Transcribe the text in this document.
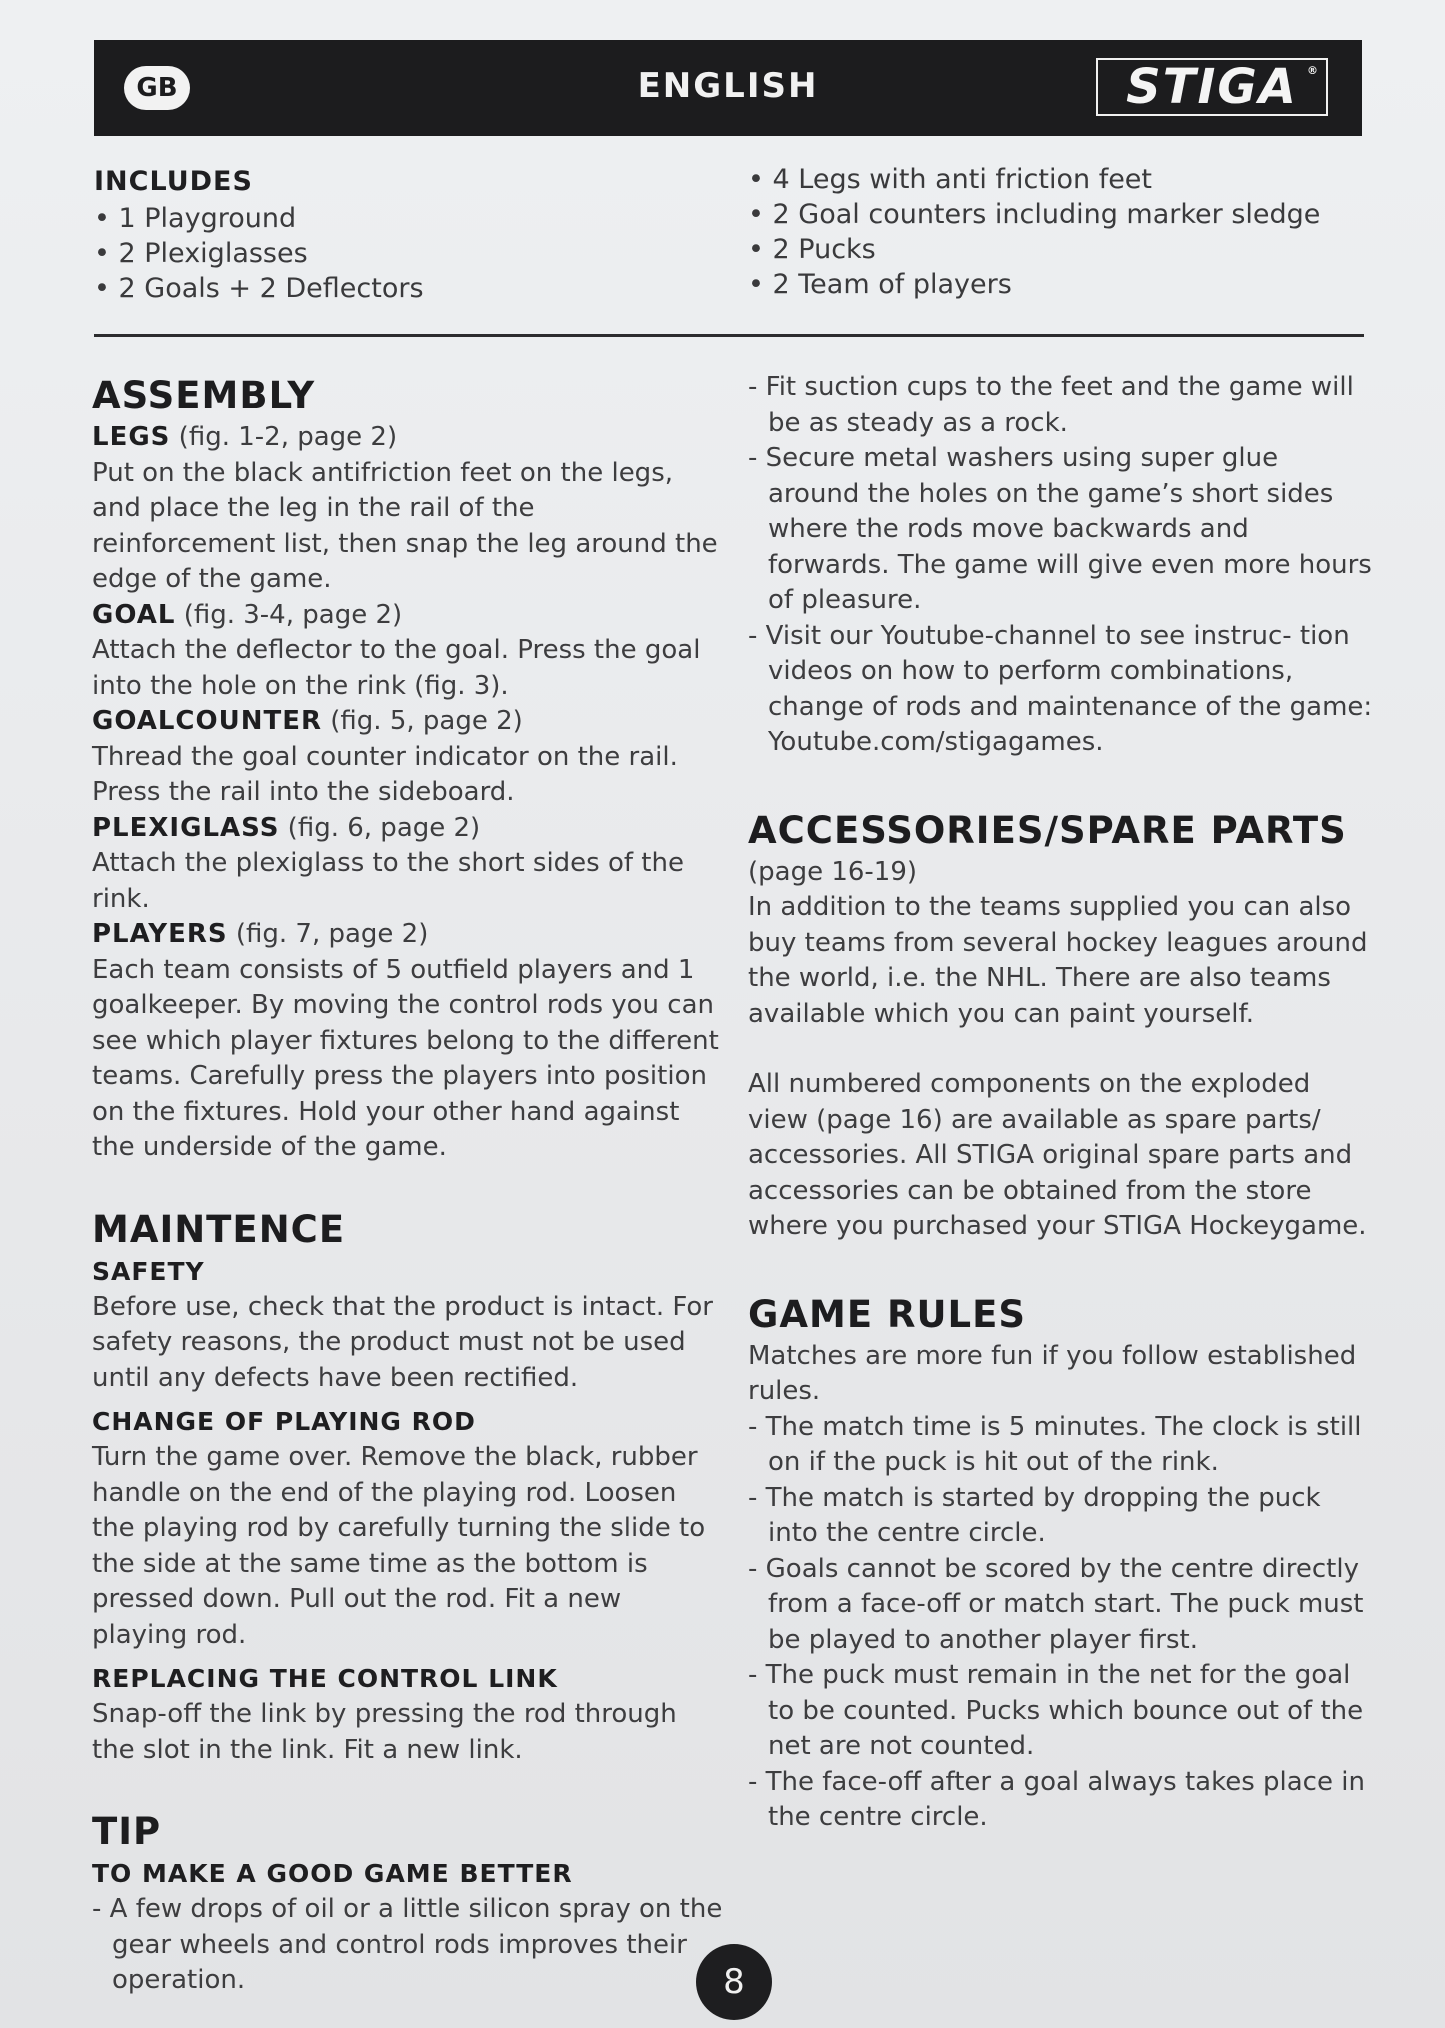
GB	ENGLISH	STIGA ®
INCLUDES
• 1 Playground
• 2 Plexiglasses
• 2 Goals + 2 Deflectors
• 4 Legs with anti friction feet
• 2 Goal counters including marker sledge
• 2 Pucks
• 2 Team of players
ASSEMBLY

LEGS (fig. 1-2, page 2)

Put on the black antifriction feet on the legs, and place the leg in the rail of the reinforcement list, then snap the leg around the edge of the game.

GOAL (fig. 3-4, page 2)

Attach the deflector to the goal. Press the goal into the hole on the rink (fig. 3).

GOALCOUNTER (fig. 5, page 2)

Thread the goal counter indicator on the rail. Press the rail into the sideboard.

PLEXIGLASS (fig. 6, page 2)

Attach the plexiglass to the short sides of the rink.

PLAYERS (fig. 7, page 2)

Each team consists of 5 outfield players and 1 goalkeeper. By moving the control rods you can see which player fixtures belong to the different teams. Carefully press the players into position on the fixtures. Hold your other hand against the underside of the game.

MAINTENCE
SAFETY

Before use, check that the product is intact. For safety reasons, the product must not be used until any defects have been rectified.

CHANGE OF PLAYING ROD

Turn the game over. Remove the black, rubber handle on the end of the playing rod. Loosen the playing rod by carefully turning the slide to the side at the same time as the bottom is pressed down. Pull out the rod. Fit a new playing rod.

REPLACING THE CONTROL LINK

Snap-off the link by pressing the rod through the slot in the link. Fit a new link.

TIP
TO MAKE A GOOD GAME BETTER

- A few drops of oil or a little silicon spray on the gear wheels and control rods improves their operation.

- Fit suction cups to the feet and the game will be as steady as a rock.

- Secure metal washers using super glue around the holes on the game’s short sides where the rods move backwards and forwards. The game will give even more hours of pleasure.

- Visit our Youtube-channel to see instruc- tion videos on how to perform combinations, change of rods and maintenance of the game: Youtube.com/stigagames.

ACCESSORIES/SPARE PARTS

(page 16-19)

In addition to the teams supplied you can also buy teams from several hockey leagues around the world, i.e. the NHL. There are also teams available which you can paint yourself.

All numbered components on the exploded view (page 16) are available as spare parts/ accessories. All STIGA original spare parts and accessories can be obtained from the store where you purchased your STIGA Hockeygame.

GAME RULES

Matches are more fun if you follow established rules.

- The match time is 5 minutes. The clock is still on if the puck is hit out of the rink.

- The match is started by dropping the puck into the centre circle.

- Goals cannot be scored by the centre directly from a face-off or match start. The puck must be played to another player first.

- The puck must remain in the net for the goal to be counted. Pucks which bounce out of the net are not counted.

- The face-off after a goal always takes place in the centre circle.

8
